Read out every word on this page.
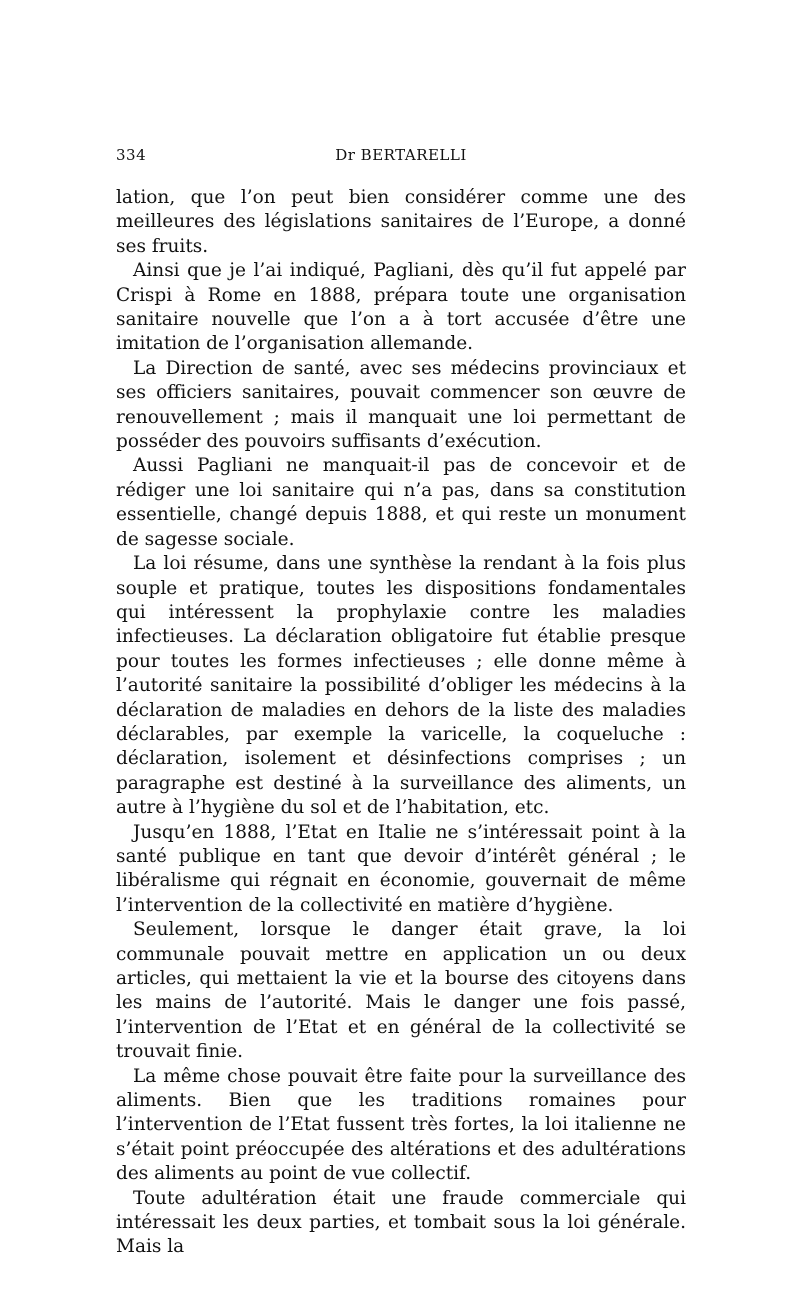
334	Dr BERTARELLI

lation, que l’on peut bien considérer comme une des meilleures des législations sanitaires de l’Europe, a donné ses fruits.

Ainsi que je l’ai indiqué, Pagliani, dès qu’il fut appelé par Crispi à Rome en 1888, prépara toute une organisation sanitaire nouvelle que l’on a à tort accusée d’être une imitation de l’organisation allemande.

La Direction de santé, avec ses médecins provinciaux et ses officiers sanitaires, pouvait commencer son œuvre de renouvellement ; mais il manquait une loi permettant de posséder des pouvoirs suffisants d’exécution.

Aussi Pagliani ne manquait-il pas de concevoir et de rédiger une loi sanitaire qui n’a pas, dans sa constitution essentielle, changé depuis 1888, et qui reste un monument de sagesse sociale.

La loi résume, dans une synthèse la rendant à la fois plus souple et pratique, toutes les dispositions fondamentales qui intéressent la prophylaxie contre les maladies infectieuses. La déclaration obligatoire fut établie presque pour toutes les formes infectieuses ; elle donne même à l’autorité sanitaire la possibilité d’obliger les médecins à la déclaration de maladies en dehors de la liste des maladies déclarables, par exemple la varicelle, la coqueluche : déclaration, isolement et désinfections comprises ; un paragraphe est destiné à la surveillance des aliments, un autre à l’hygiène du sol et de l’habitation, etc.

Jusqu’en 1888, l’Etat en Italie ne s’intéressait point à la santé publique en tant que devoir d’intérêt général ; le libéralisme qui régnait en économie, gouvernait de même l’intervention de la collectivité en matière d’hygiène.

Seulement, lorsque le danger était grave, la loi communale pouvait mettre en application un ou deux articles, qui mettaient la vie et la bourse des citoyens dans les mains de l’autorité. Mais le danger une fois passé, l’intervention de l’Etat et en général de la collectivité se trouvait finie.

La même chose pouvait être faite pour la surveillance des aliments. Bien que les traditions romaines pour l’intervention de l’Etat fussent très fortes, la loi italienne ne s’était point préoccupée des altérations et des adultérations des aliments au point de vue collectif.

Toute adultération était une fraude commerciale qui intéressait les deux parties, et tombait sous la loi générale. Mais la
